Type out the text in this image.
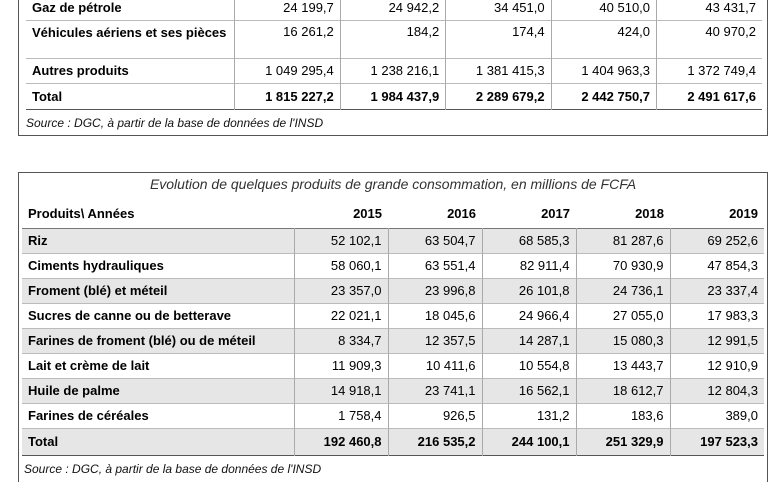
Gaz de pétrole	24 199,7	24 942,2	34 451,0	40 510,0	43 431,7
Véhicules aériens et ses pièces	16 261,2	184,2	174,4	424,0	40 970,2
Autres produits	1 049 295,4	1 238 216,1	1 381 415,3	1 404 963,3	1 372 749,4
Total	1 815 227,2	1 984 437,9	2 289 679,2	2 442 750,7	2 491 617,6
Source : DGC, à partir de la base de données de l'INSD
Evolution de quelques produits de grande consommation, en millions de FCFA
Produits\ Années	2015	2016	2017	2018	2019
Riz	52 102,1	63 504,7	68 585,3	81 287,6	69 252,6
Ciments hydrauliques	58 060,1	63 551,4	82 911,4	70 930,9	47 854,3
Froment (blé) et méteil	23 357,0	23 996,8	26 101,8	24 736,1	23 337,4
Sucres de canne ou de betterave	22 021,1	18 045,6	24 966,4	27 055,0	17 983,3
Farines de froment (blé) ou de méteil	8 334,7	12 357,5	14 287,1	15 080,3	12 991,5
Lait et crème de lait	11 909,3	10 411,6	10 554,8	13 443,7	12 910,9
Huile de palme	14 918,1	23 741,1	16 562,1	18 612,7	12 804,3
Farines de céréales	1 758,4	926,5	131,2	183,6	389,0
Total	192 460,8	216 535,2	244 100,1	251 329,9	197 523,3
Source : DGC, à partir de la base de données de l'INSD
